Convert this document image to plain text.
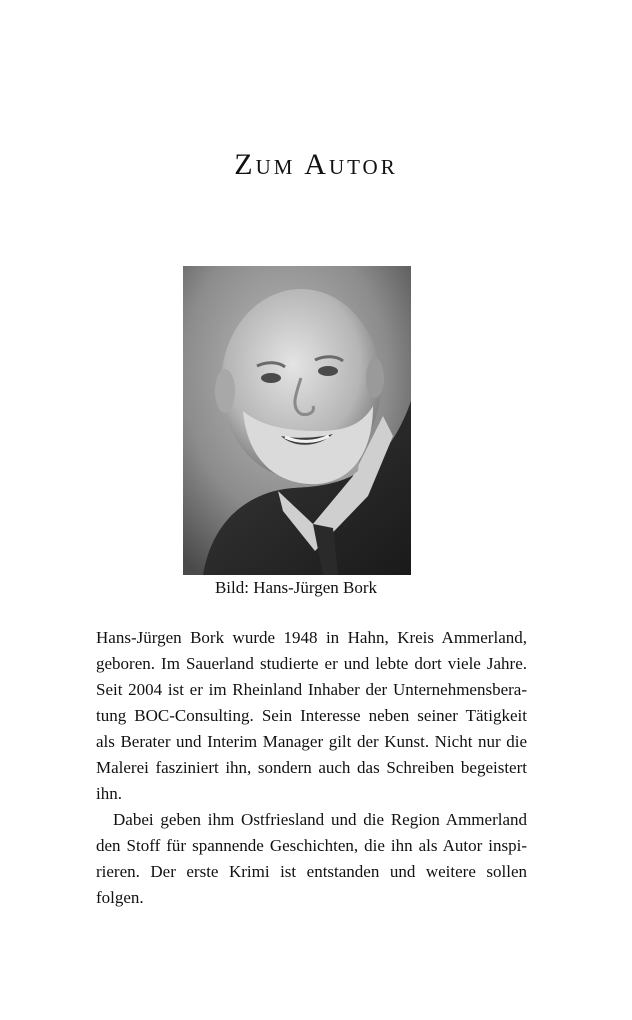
Zum Autor

Bild: Hans-Jürgen Bork

Hans-Jürgen Bork wurde 1948 in Hahn, Kreis Ammerland, geboren. Im Sauerland studierte er und lebte dort viele Jahre. Seit 2004 ist er im Rheinland Inhaber der Unternehmensberatung BOC-Consulting. Sein Interesse neben seiner Tätigkeit als Berater und Interim Manager gilt der Kunst. Nicht nur die Malerei fasziniert ihn, sondern auch das Schreiben begeistert ihn.

Dabei geben ihm Ostfriesland und die Region Ammerland den Stoff für spannende Geschichten, die ihn als Autor inspirieren. Der erste Krimi ist entstanden und weitere sollen folgen.
